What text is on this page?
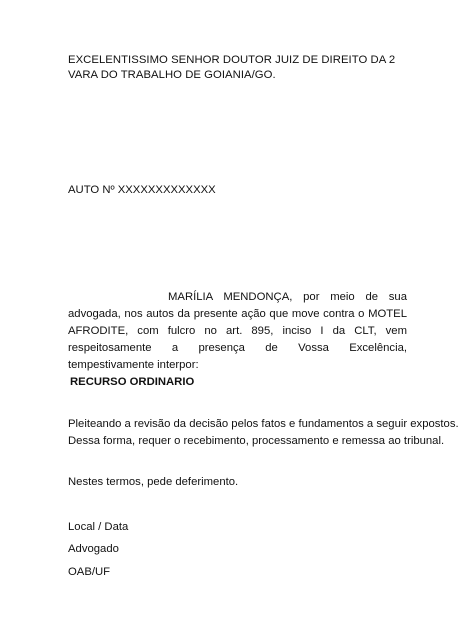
EXCELENTISSIMO SENHOR DOUTOR JUIZ DE DIREITO DA 2 VARA DO TRABALHO DE GOIANIA/GO.

AUTO Nº XXXXXXXXXXXXX

MARÍLIA MENDONÇA, por meio de sua advogada, nos autos da presente ação que move contra o MOTEL AFRODITE, com fulcro no art. 895, inciso I da CLT, vem respeitosamente a presença de Vossa Excelência, tempestivamente interpor:

RECURSO ORDINARIO

Pleiteando a revisão da decisão pelos fatos e fundamentos a seguir expostos.
Dessa forma, requer o recebimento, processamento e remessa ao tribunal.

Nestes termos, pede deferimento.

Local / Data

Advogado

OAB/UF
